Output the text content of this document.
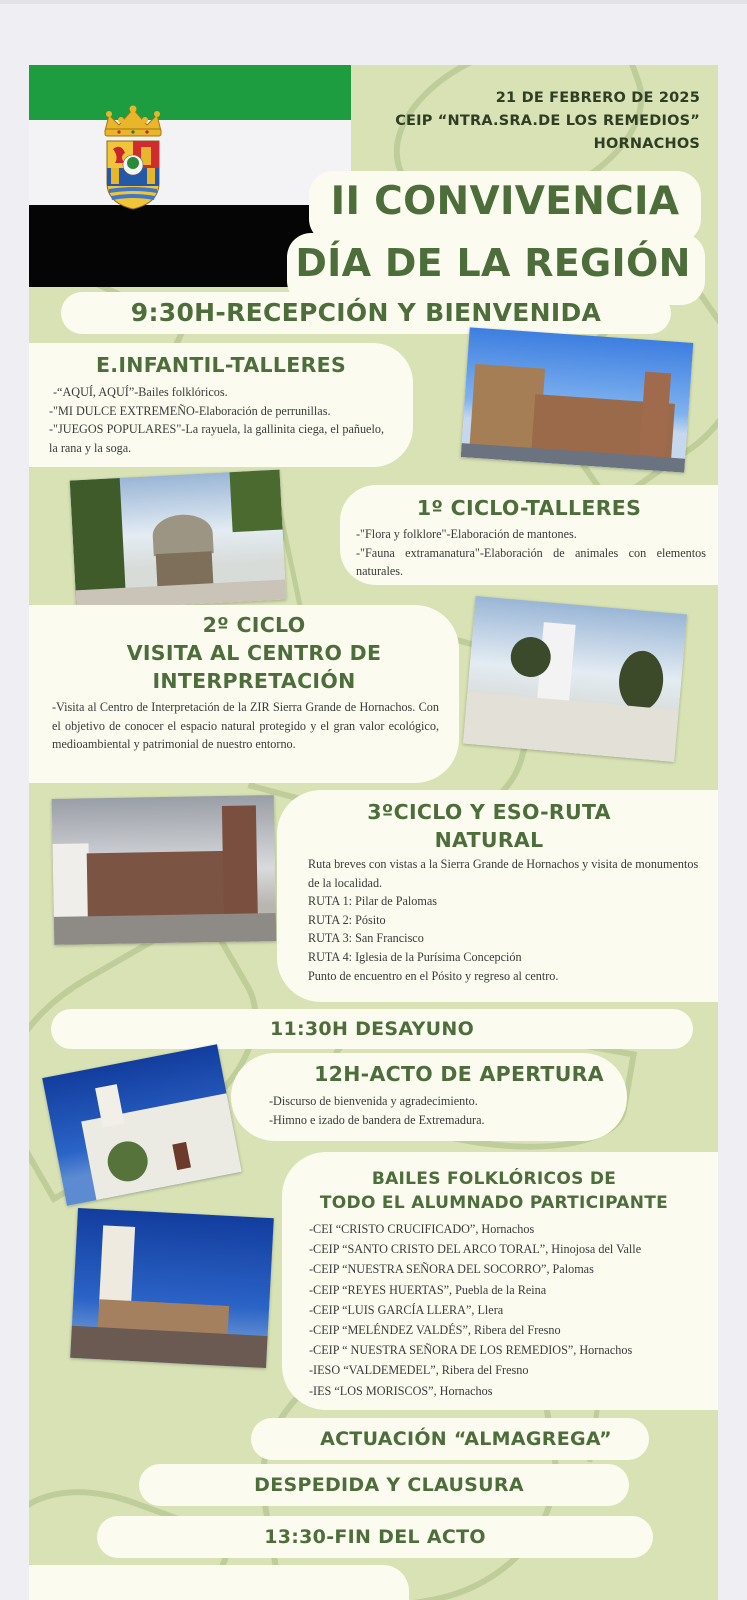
21 DE FEBRERO DE 2025
CEIP “NTRA.SRA.DE LOS REMEDIOS”
HORNACHOS
II CONVIVENCIA
DÍA DE LA REGIÓN
9:30H-RECEPCIÓN Y BIENVENIDA
E.INFANTIL-TALLERES
-“AQUÍ, AQUÍ”-Bailes folklóricos.
-"MI DULCE EXTREMEÑO-Elaboración de perrunillas.
-"JUEGOS POPULARES"-La rayuela, la gallinita ciega, el pañuelo, la rana y la soga.
1º CICLO-TALLERES
-"Flora y folklore"-Elaboración de mantones.
-"Fauna extramanatura"-Elaboración de animales con elementos naturales.
2º CICLO
VISITA AL CENTRO DE
INTERPRETACIÓN
-Visita al Centro de Interpretación de la ZIR Sierra Grande de Hornachos. Con el objetivo de conocer el espacio natural protegido y el gran valor ecológico, medioambiental y patrimonial de nuestro entorno.
3ºCICLO Y ESO-RUTA
NATURAL
Ruta breves con vistas a la Sierra Grande de Hornachos y visita de monumentos de la localidad.
RUTA 1: Pilar de Palomas
RUTA 2: Pósito
RUTA 3: San Francisco
RUTA 4: Iglesia de la Purísima Concepción
Punto de encuentro en el Pósito y regreso al centro.
11:30H DESAYUNO
12H-ACTO DE APERTURA
-Discurso de bienvenida y agradecimiento.
-Himno e izado de bandera de Extremadura.
BAILES FOLKLÓRICOS DE
TODO EL ALUMNADO PARTICIPANTE
-CEI “CRISTO CRUCIFICADO”, Hornachos
-CEIP “SANTO CRISTO DEL ARCO TORAL”, Hinojosa del Valle
-CEIP “NUESTRA SEÑORA DEL SOCORRO”, Palomas
-CEIP “REYES HUERTAS”, Puebla de la Reina
-CEIP “LUIS GARCÍA LLERA”, Llera
-CEIP “MELÉNDEZ VALDÉS”, Ribera del Fresno
-CEIP “ NUESTRA SEÑORA DE LOS REMEDIOS”, Hornachos
-IESO “VALDEMEDEL”, Ribera del Fresno
-IES “LOS MORISCOS”, Hornachos
ACTUACIÓN “ALMAGREGA”
DESPEDIDA Y CLAUSURA
13:30-FIN DEL ACTO
